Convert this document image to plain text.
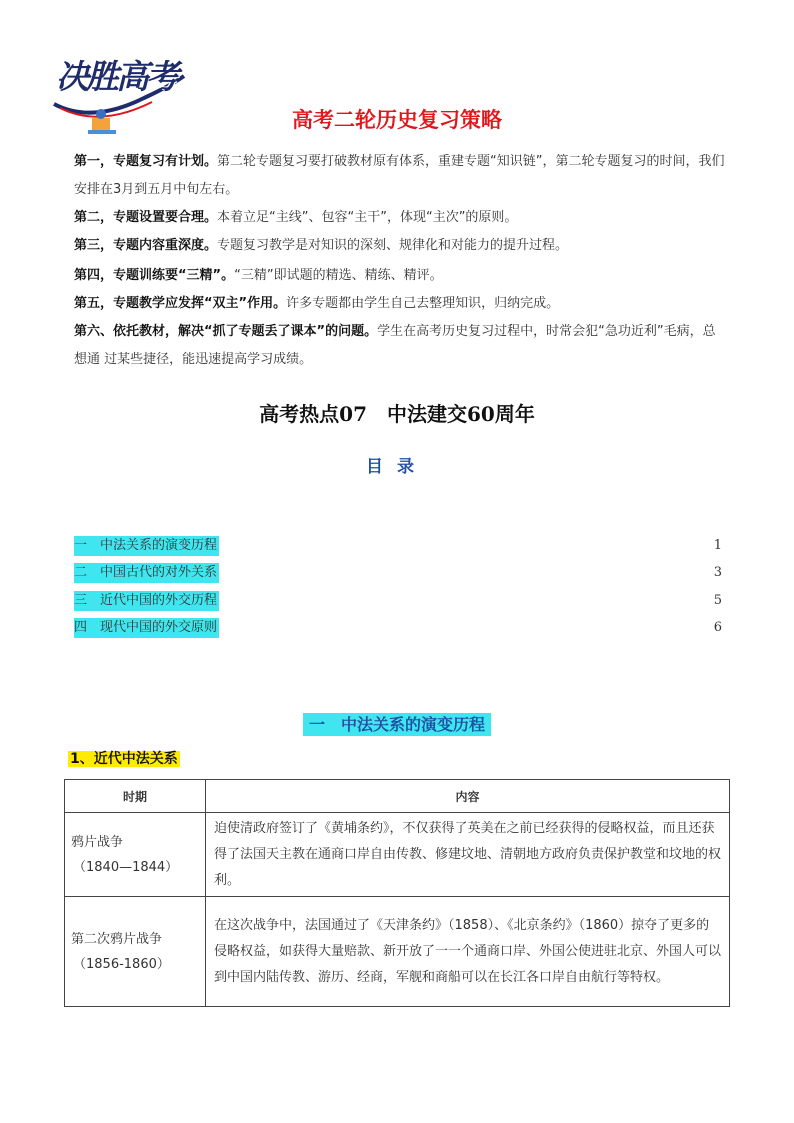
决胜高考
高考二轮历史复习策略
第一，专题复习有计划。第二轮专题复习要打破教材原有体系，重建专题“知识链”，第二轮专题复习的时间，我们安排在3月到五月中旬左右。
第二，专题设置要合理。本着立足“主线”、包容“主干”，体现“主次”的原则。
第三，专题内容重深度。专题复习教学是对知识的深刻、规律化和对能力的提升过程。
第四，专题训练要“三精”。“三精”即试题的精选、精练、精评。
第五，专题教学应发挥“双主”作用。许多专题都由学生自己去整理知识，归纳完成。
第六、依托教材，解决“抓了专题丢了课本”的问题。学生在高考历史复习过程中，时常会犯“急功近利”毛病，总想通 过某些捷径，能迅速提高学习成绩。
高考热点07　中法建交60周年
目录
一　中法关系的演变历程	1
二　中国古代的对外关系	3
三　近代中国的外交历程	5
四　现代中国的外交原则	6
一　中法关系的演变历程
1、近代中法关系
时期	内容

鸦片战争
（1840—1844）	迫使清政府签订了《黄埔条约》，不仅获得了英美在之前已经获得的侵略权益，而且还获得了法国天主教在通商口岸自由传教、修建坟地、清朝地方政府负责保护教堂和坟地的权利。

第二次鸦片战争
（1856-1860）	在这次战争中，法国通过了《天津条约》（1858）、《北京条约》（1860）掠夺了更多的侵略权益，如获得大量赔款、新开放了一一个通商口岸、外国公使进驻北京、外国人可以到中国内陆传教、游历、经商，军舰和商船可以在长江各口岸自由航行等特权。
